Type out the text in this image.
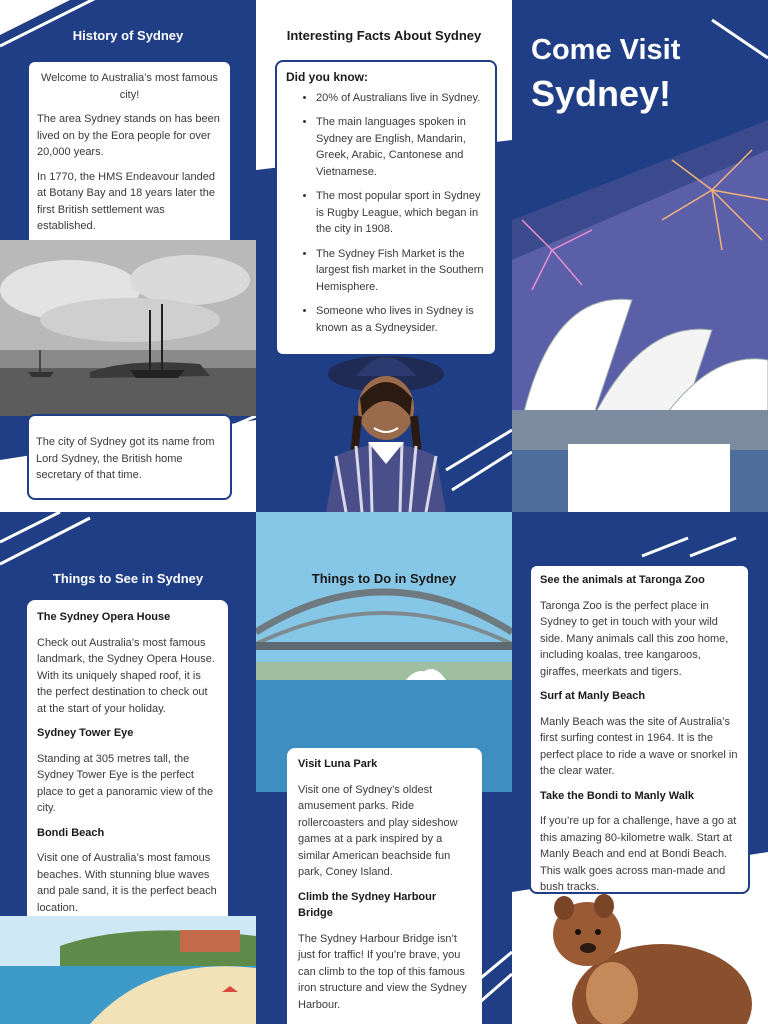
History of Sydney

Welcome to Australia’s most famous city!

The area Sydney stands on has been lived on by the Eora people for over 20,000 years.

In 1770, the HMS Endeavour landed at Botany Bay and 18 years later the first British settlement was established.

The city of Sydney got its name from Lord Sydney, the British home secretary of that time.

Interesting Facts About Sydney
Did you know:
• 20% of Australians live in Sydney.
• The main languages spoken in Sydney are English, Mandarin, Greek, Arabic, Cantonese and Vietnamese.
• The most popular sport in Sydney is Rugby League, which began in the city in 1908.
• The Sydney Fish Market is the largest fish market in the Southern Hemisphere.
• Someone who lives in Sydney is known as a Sydneysider.
Come Visit
Sydney!
Things to See in Sydney
The Sydney Opera House

Check out Australia’s most famous landmark, the Sydney Opera House. With its uniquely shaped roof, it is the perfect destination to check out at the start of your holiday.

Sydney Tower Eye

Standing at 305 metres tall, the Sydney Tower Eye is the perfect place to get a panoramic view of the city.

Bondi Beach

Visit one of Australia’s most famous beaches. With stunning blue waves and pale sand, it is the perfect beach location.

Things to Do in Sydney
Visit Luna Park

Visit one of Sydney’s oldest amusement parks. Ride rollercoasters and play sideshow games at a park inspired by a similar American beachside fun park, Coney Island.

Climb the Sydney Harbour Bridge

The Sydney Harbour Bridge isn’t just for traffic! If you’re brave, you can climb to the top of this famous iron structure and view the Sydney Harbour.

See the animals at Taronga Zoo

Taronga Zoo is the perfect place in Sydney to get in touch with your wild side. Many animals call this zoo home, including koalas, tree kangaroos, giraffes, meerkats and tigers.

Surf at Manly Beach

Manly Beach was the site of Australia’s first surfing contest in 1964. It is the perfect place to ride a wave or snorkel in the clear water.

Take the Bondi to Manly Walk

If you’re up for a challenge, have a go at this amazing 80-kilometre walk. Start at Manly Beach and end at Bondi Beach. This walk goes across man-made and bush tracks.
